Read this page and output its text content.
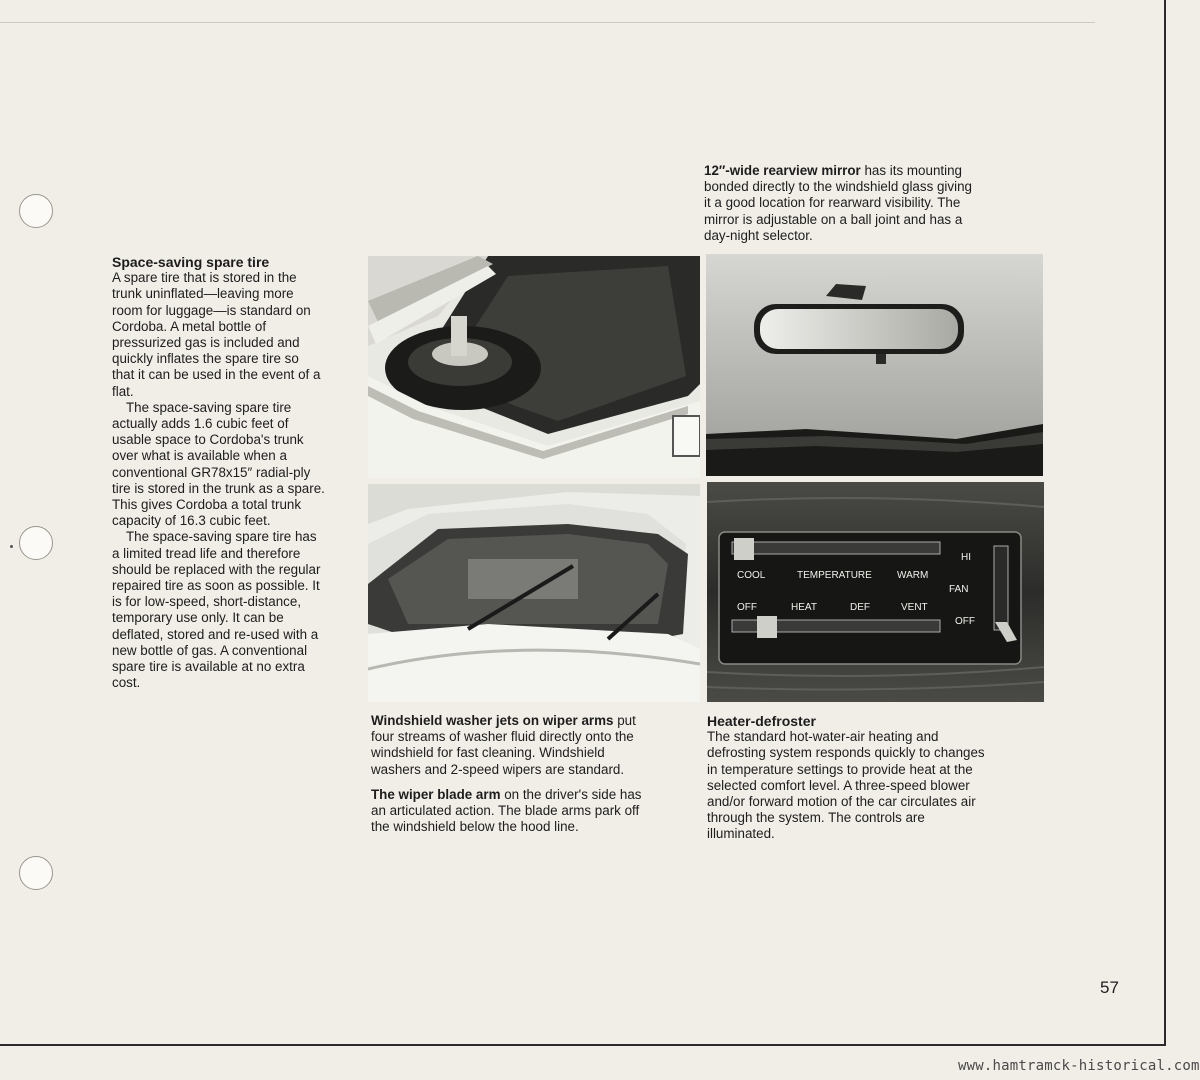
Space-saving spare tire
A spare tire that is stored in the
trunk uninflated—leaving more
room for luggage—is standard on
Cordoba. A metal bottle of
pressurized gas is included and
quickly inflates the spare tire so
that it can be used in the event of a
flat.
The space-saving spare tire
actually adds 1.6 cubic feet of
usable space to Cordoba's trunk
over what is available when a
conventional GR78x15″ radial-ply
tire is stored in the trunk as a spare.
This gives Cordoba a total trunk
capacity of 16.3 cubic feet.
The space-saving spare tire has
a limited tread life and therefore
should be replaced with the regular
repaired tire as soon as possible. It
is for low-speed, short-distance,
temporary use only. It can be
deflated, stored and re-used with a
new bottle of gas. A conventional
spare tire is available at no extra
cost.
12″-wide rearview mirror has its mounting
bonded directly to the windshield glass giving
it a good location for rearward visibility. The
mirror is adjustable on a ball joint and has a
day-night selector.
COOL	TEMPERATURE	WARM
OFF	HEAT	DEF	VENT
HI
FAN
OFF
Windshield washer jets on wiper arms put
four streams of washer fluid directly onto the
windshield for fast cleaning. Windshield
washers and 2-speed wipers are standard.
The wiper blade arm on the driver's side has
an articulated action. The blade arms park off
the windshield below the hood line.
Heater-defroster
The standard hot-water-air heating and
defrosting system responds quickly to changes
in temperature settings to provide heat at the
selected comfort level. A three-speed blower
and/or forward motion of the car circulates air
through the system. The controls are
illuminated.
57
www.hamtramck-historical.com
